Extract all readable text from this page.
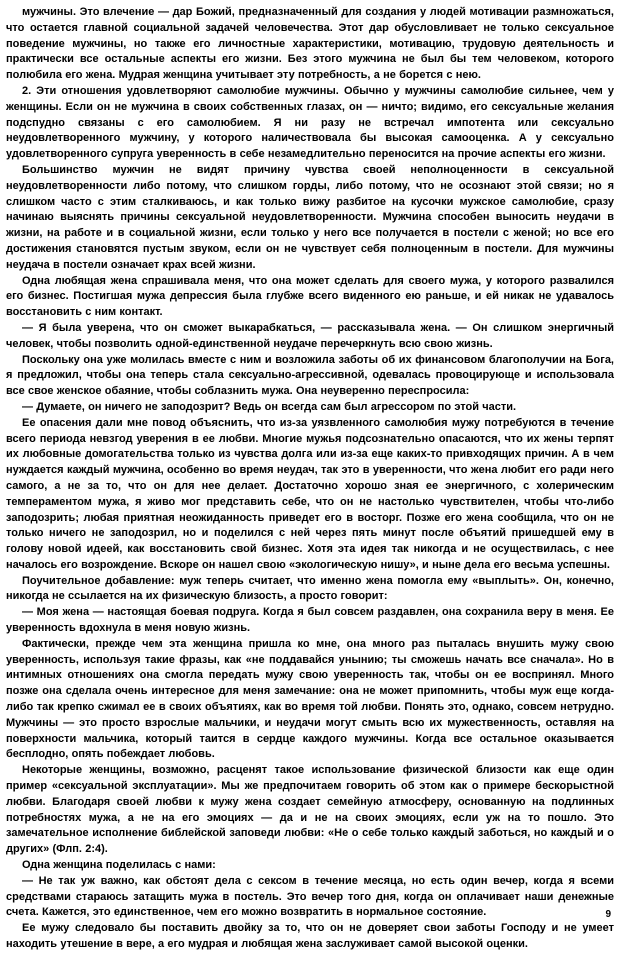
мужчины. Это влечение — дар Божий, предназначенный для создания у людей мотивации размножаться, что остается главной социальной задачей человечества. Этот дар обусловливает не только сексуальное поведение мужчины, но также его личностные характеристики, мотивацию, трудовую деятельность и практически все остальные аспекты его жизни. Без этого мужчина не был бы тем человеком, которого полюбила его жена. Мудрая женщина учитывает эту потребность, а не борется с нею.

2. Эти отношения удовлетворяют самолюбие мужчины. Обычно у мужчины самолюбие сильнее, чем у женщины. Если он не мужчина в своих собственных глазах, он — ничто; видимо, его сексуальные желания подспудно связаны с его самолюбием. Я ни разу не встречал импотента или сексуально неудовлетворенного мужчину, у которого наличествовала бы высокая самооценка. А у сексуально удовлетворенного супруга уверенность в себе незамедлительно переносится на прочие аспекты его жизни.

Большинство мужчин не видят причину чувства своей неполноценности в сексуальной неудовлетворенности либо потому, что слишком горды, либо потому, что не осознают этой связи; но я слишком часто с этим сталкиваюсь, и как только вижу разбитое на кусочки мужское самолюбие, сразу начинаю выяснять причины сексуальной неудовлетворенности. Мужчина способен выносить неудачи в жизни, на работе и в социальной жизни, если только у него все получается в постели с женой; но все его достижения становятся пустым звуком, если он не чувствует себя полноценным в постели. Для мужчины неудача в постели означает крах всей жизни.

Одна любящая жена спрашивала меня, что она может сделать для своего мужа, у которого развалился его бизнес. Постигшая мужа депрессия была глубже всего виденного ею раньше, и ей никак не удавалось восстановить с ним контакт.

— Я была уверена, что он сможет выкарабкаться, — рассказывала жена. — Он слишком энергичный человек, чтобы позволить одной-единственной неудаче перечеркнуть всю свою жизнь.

Поскольку она уже молилась вместе с ним и возложила заботы об их финансовом благополучии на Бога, я предложил, чтобы она теперь стала сексуально-агрессивной, одевалась провоцирующе и использовала все свое женское обаяние, чтобы соблазнить мужа. Она неуверенно переспросила:

— Думаете, он ничего не заподозрит? Ведь он всегда сам был агрессором по этой части.

Ее опасения дали мне повод объяснить, что из-за уязвленного самолюбия мужу потребуются в течение всего периода невзгод уверения в ее любви. Многие мужья подсознательно опасаются, что их жены терпят их любовные домогательства только из чувства долга или из-за еще каких-то привходящих причин. А в чем нуждается каждый мужчина, особенно во время неудач, так это в уверенности, что жена любит его ради него самого, а не за то, что он для нее делает. Достаточно хорошо зная ее энергичного, с холерическим темпераментом мужа, я живо мог представить себе, что он не настолько чувствителен, чтобы что-либо заподозрить; любая приятная неожиданность приведет его в восторг. Позже его жена сообщила, что он не только ничего не заподозрил, но и поделился с ней через пять минут после объятий пришедшей ему в голову новой идеей, как восстановить свой бизнес. Хотя эта идея так никогда и не осуществилась, с нее началось его возрождение. Вскоре он нашел свою «экологическую нишу», и ныне дела его весьма успешны.

Поучительное добавление: муж теперь считает, что именно жена помогла ему «выплыть». Он, конечно, никогда не ссылается на их физическую близость, а просто говорит:

— Моя жена — настоящая боевая подруга. Когда я был совсем раздавлен, она сохранила веру в меня. Ее уверенность вдохнула в меня новую жизнь.

Фактически, прежде чем эта женщина пришла ко мне, она много раз пыталась внушить мужу свою уверенность, используя такие фразы, как «не поддавайся унынию; ты сможешь начать все сначала». Но в интимных отношениях она смогла передать мужу свою уверенность так, чтобы он ее воспринял. Много позже она сделала очень интересное для меня замечание: она не может припомнить, чтобы муж еще когда-либо так крепко сжимал ее в своих объятиях, как во время той любви. Понять это, однако, совсем нетрудно. Мужчины — это просто взрослые мальчики, и неудачи могут смыть всю их мужественность, оставляя на поверхности мальчика, который таится в сердце каждого мужчины. Когда все остальное оказывается бесплодно, опять побеждает любовь.

Некоторые женщины, возможно, расценят такое использование физической близости как еще один пример «сексуальной эксплуатации». Мы же предпочитаем говорить об этом как о примере бескорыстной любви. Благодаря своей любви к мужу жена создает семейную атмосферу, основанную на подлинных потребностях мужа, а не на его эмоциях — да и не на своих эмоциях, если уж на то пошло. Это замечательное исполнение библейской заповеди любви: «Не о себе только каждый заботься, но каждый и о других» (Флп. 2:4).

Одна женщина поделилась с нами:

— Не так уж важно, как обстоят дела с сексом в течение месяца, но есть один вечер, когда я всеми средствами стараюсь затащить мужа в постель. Это вечер того дня, когда он оплачивает наши денежные счета. Кажется, это единственное, чем его можно возвратить в нормальное состояние.

Ее мужу следовало бы поставить двойку за то, что он не доверяет свои заботы Господу и не умеет находить утешение в вере, а его мудрая и любящая жена заслуживает самой высокой оценки.

9
